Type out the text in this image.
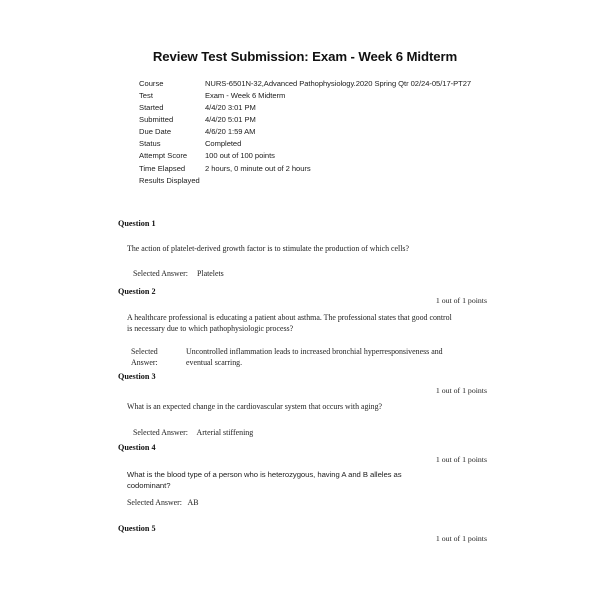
Review Test Submission: Exam - Week 6 Midterm
Course	NURS-6501N-32,Advanced Pathophysiology.2020 Spring Qtr 02/24-05/17-PT27
Test	Exam - Week 6 Midterm
Started	4/4/20 3:01 PM
Submitted	4/4/20 5:01 PM
Due Date	4/6/20 1:59 AM
Status	Completed
Attempt Score	100 out of 100 points
Time Elapsed	2 hours, 0 minute out of 2 hours
Results Displayed
Question 1
The action of platelet-derived growth factor is to stimulate the production of which cells?
Selected Answer: Platelets
Question 2
1 out of 1 points
A healthcare professional is educating a patient about asthma. The professional states that good control is necessary due to which pathophysiologic process?
Selected
Answer:
Uncontrolled inflammation leads to increased bronchial hyperresponsiveness and eventual scarring.
Question 3
1 out of 1 points
What is an expected change in the cardiovascular system that occurs with aging?
Selected Answer: Arterial stiffening
Question 4
1 out of 1 points
What is the blood type of a person who is heterozygous, having A and B alleles as codominant?
Selected Answer: AB
Question 5
1 out of 1 points
